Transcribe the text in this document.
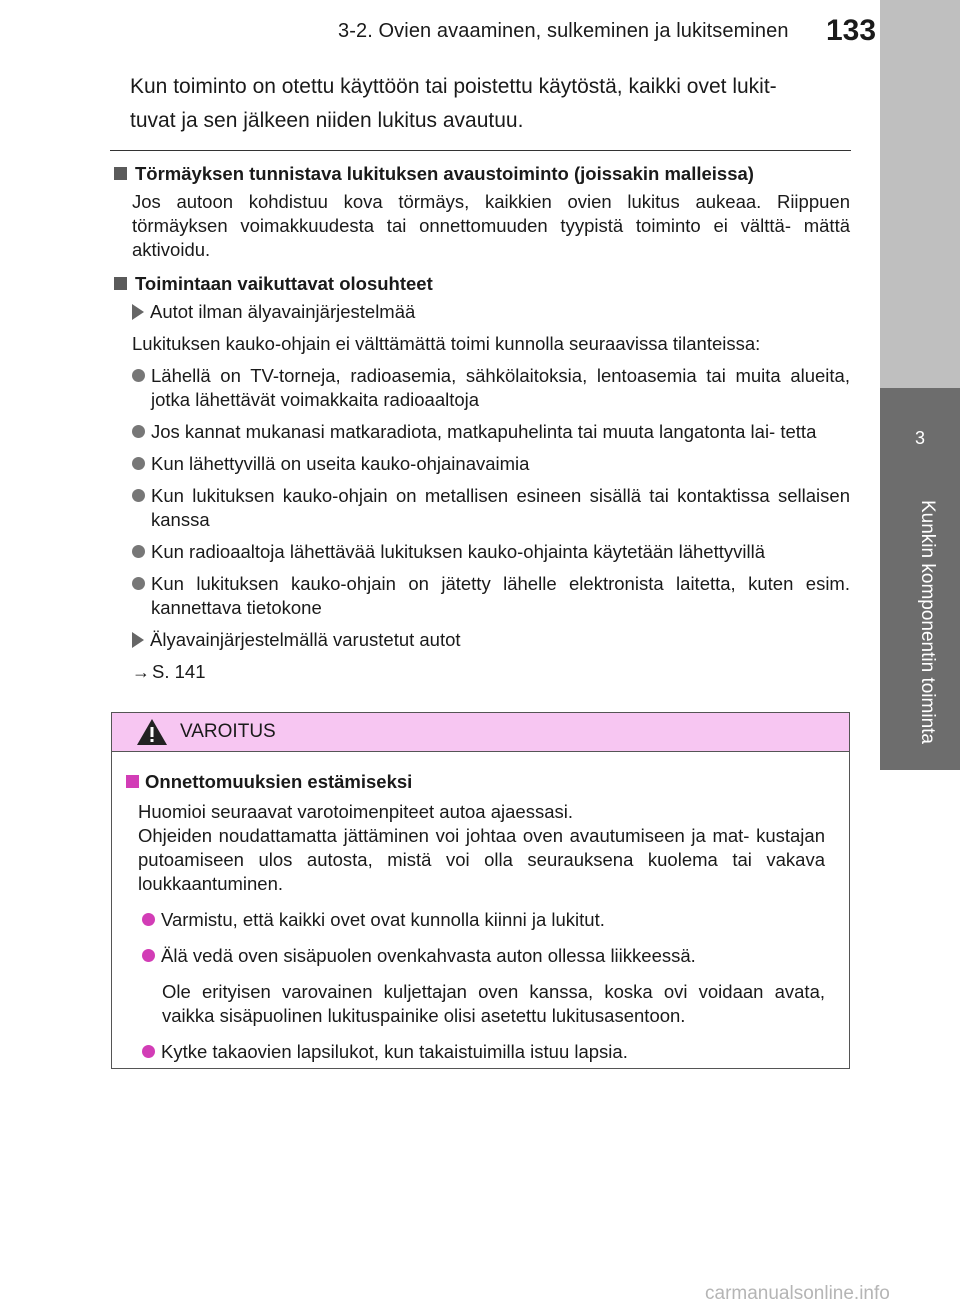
3-2. Ovien avaaminen, sulkeminen ja lukitseminen 133
3
Kunkin komponentin toiminta
Kun toiminto on otettu käyttöön tai poistettu käytöstä, kaikki ovet lukit-
tuvat ja sen jälkeen niiden lukitus avautuu.
Törmäyksen tunnistava lukituksen avaustoiminto (joissakin malleissa)
Jos autoon kohdistuu kova törmäys, kaikkien ovien lukitus aukeaa. Riippuen törmäyksen voimakkuudesta tai onnettomuuden tyypistä toiminto ei välttä- mättä aktivoidu.
Toimintaan vaikuttavat olosuhteet
Autot ilman älyavainjärjestelmää
Lukituksen kauko-ohjain ei välttämättä toimi kunnolla seuraavissa tilanteissa:
Lähellä on TV-torneja, radioasemia, sähkölaitoksia, lentoasemia tai muita alueita, jotka lähettävät voimakkaita radioaaltoja
Jos kannat mukanasi matkaradiota, matkapuhelinta tai muuta langatonta lai- tetta
Kun lähettyvillä on useita kauko-ohjainavaimia
Kun lukituksen kauko-ohjain on metallisen esineen sisällä tai kontaktissa sellaisen kanssa
Kun radioaaltoja lähettävää lukituksen kauko-ohjainta käytetään lähettyvillä
Kun lukituksen kauko-ohjain on jätetty lähelle elektronista laitetta, kuten esim. kannettava tietokone
Älyavainjärjestelmällä varustetut autot
→ S. 141
VAROITUS
Onnettomuuksien estämiseksi
Huomioi seuraavat varotoimenpiteet autoa ajaessasi.
Ohjeiden noudattamatta jättäminen voi johtaa oven avautumiseen ja mat- kustajan putoamiseen ulos autosta, mistä voi olla seurauksena kuolema tai vakava loukkaantuminen.
Varmistu, että kaikki ovet ovat kunnolla kiinni ja lukitut.
Älä vedä oven sisäpuolen ovenkahvasta auton ollessa liikkeessä.
Ole erityisen varovainen kuljettajan oven kanssa, koska ovi voidaan avata, vaikka sisäpuolinen lukituspainike olisi asetettu lukitusasentoon.
Kytke takaovien lapsilukot, kun takaistuimilla istuu lapsia.
carmanualsonline.info
